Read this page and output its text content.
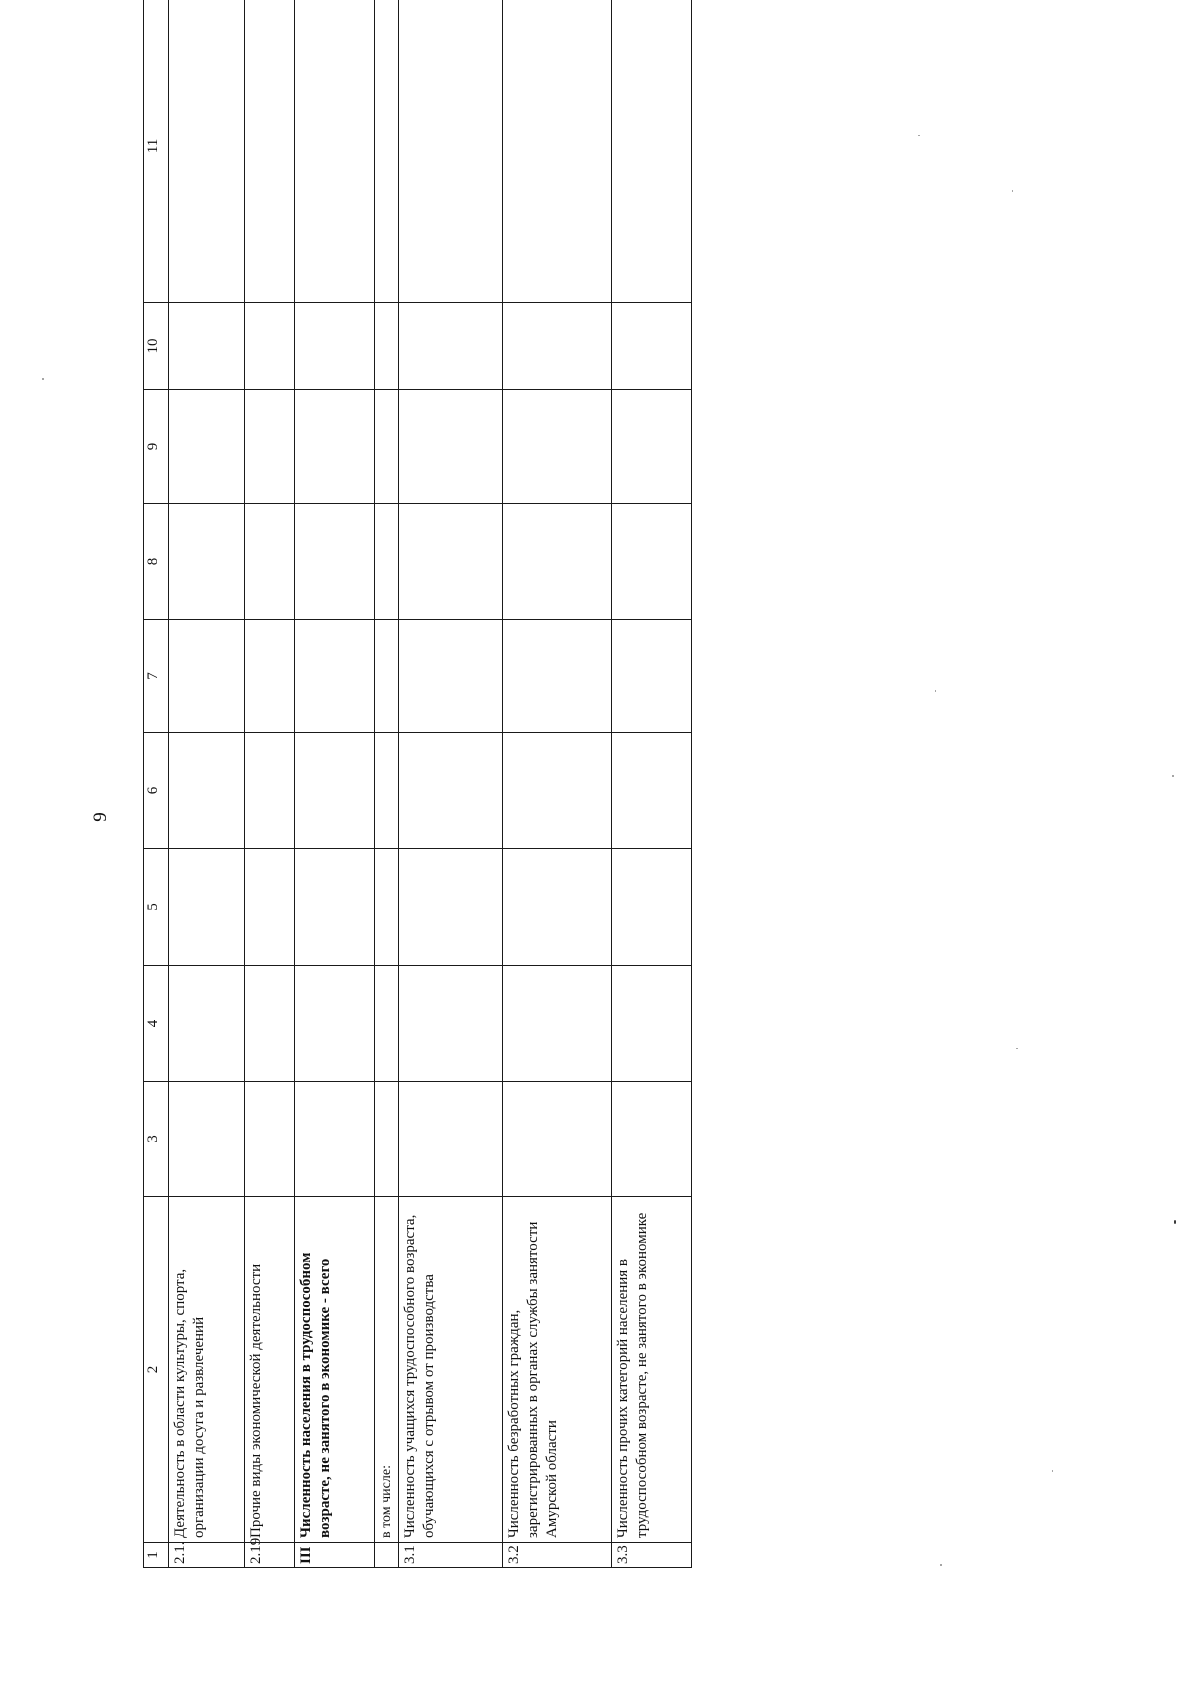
9
1	2	3	4	5	6	7	8	9	10	11
2.1.	Деятельность в области культуры, спорта, организации досуга и развлечений									
2.19	Прочие виды экономической деятельности									
III	Численность населения в трудоспособном возрасте, не занятого в экономике - всего									
	в том числе:									
3.1	Численность учащихся трудоспособного возраста, обучающихся с отрывом от производства									
3.2	Численность безработных граждан, зарегистрированных в органах службы занятости Амурской области									
3.3	Численность прочих категорий населения в трудоспособном возрасте, не занятого в экономике									
